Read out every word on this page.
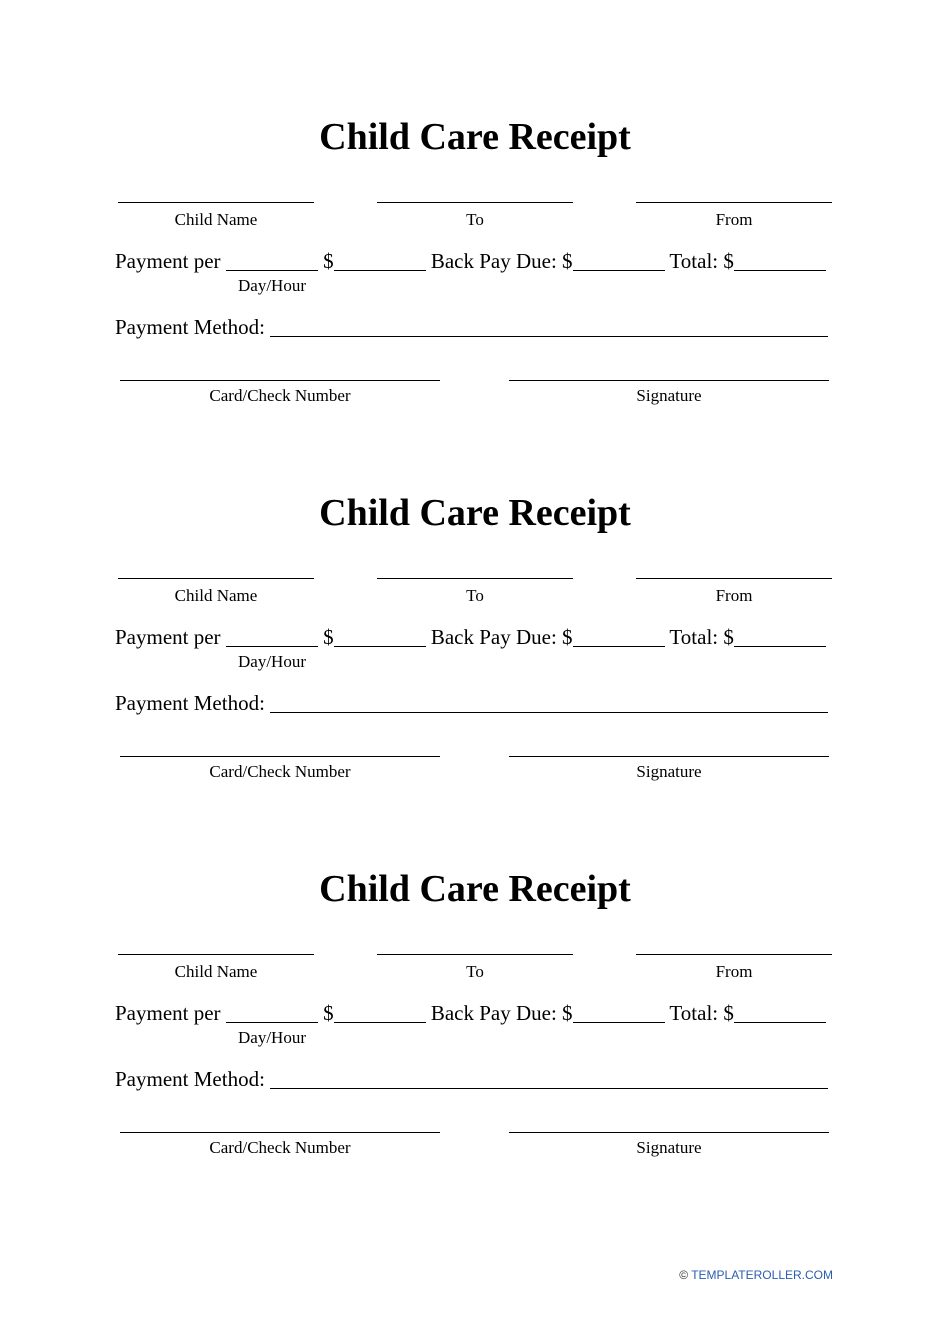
Child Care Receipt
Child Name	To	From
Payment per	$	Back Pay Due: $	Total: $
Day/Hour
Payment Method:
Card/Check Number	Signature
Child Care Receipt
Child Name	To	From
Payment per	$	Back Pay Due: $	Total: $
Day/Hour
Payment Method:
Card/Check Number	Signature
Child Care Receipt
Child Name	To	From
Payment per	$	Back Pay Due: $	Total: $
Day/Hour
Payment Method:
Card/Check Number	Signature
© TEMPLATEROLLER.COM
